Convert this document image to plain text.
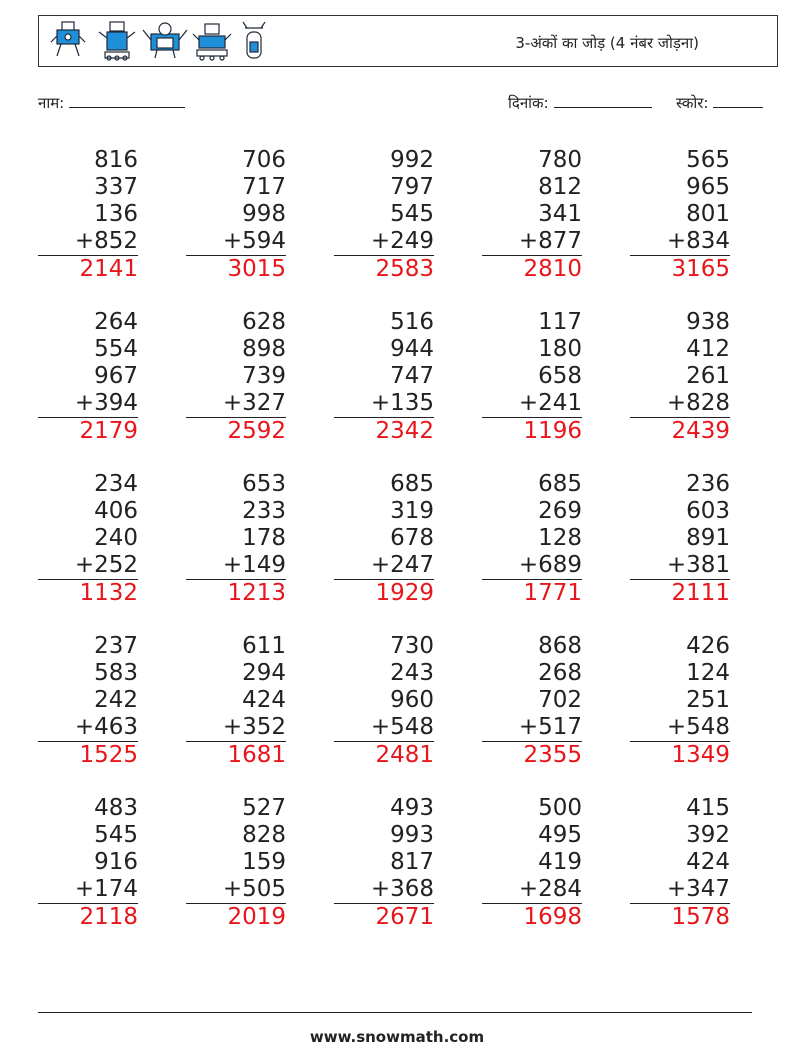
3-अंकों का जोड़ (4 नंबर जोड़ना)
नाम:	दिनांक:	स्कोर:
816
337
136
+852
2141
706
717
998
+594
3015
992
797
545
+249
2583
780
812
341
+877
2810
565
965
801
+834
3165
264
554
967
+394
2179
628
898
739
+327
2592
516
944
747
+135
2342
117
180
658
+241
1196
938
412
261
+828
2439
234
406
240
+252
1132
653
233
178
+149
1213
685
319
678
+247
1929
685
269
128
+689
1771
236
603
891
+381
2111
237
583
242
+463
1525
611
294
424
+352
1681
730
243
960
+548
2481
868
268
702
+517
2355
426
124
251
+548
1349
483
545
916
+174
2118
527
828
159
+505
2019
493
993
817
+368
2671
500
495
419
+284
1698
415
392
424
+347
1578
www.snowmath.com
